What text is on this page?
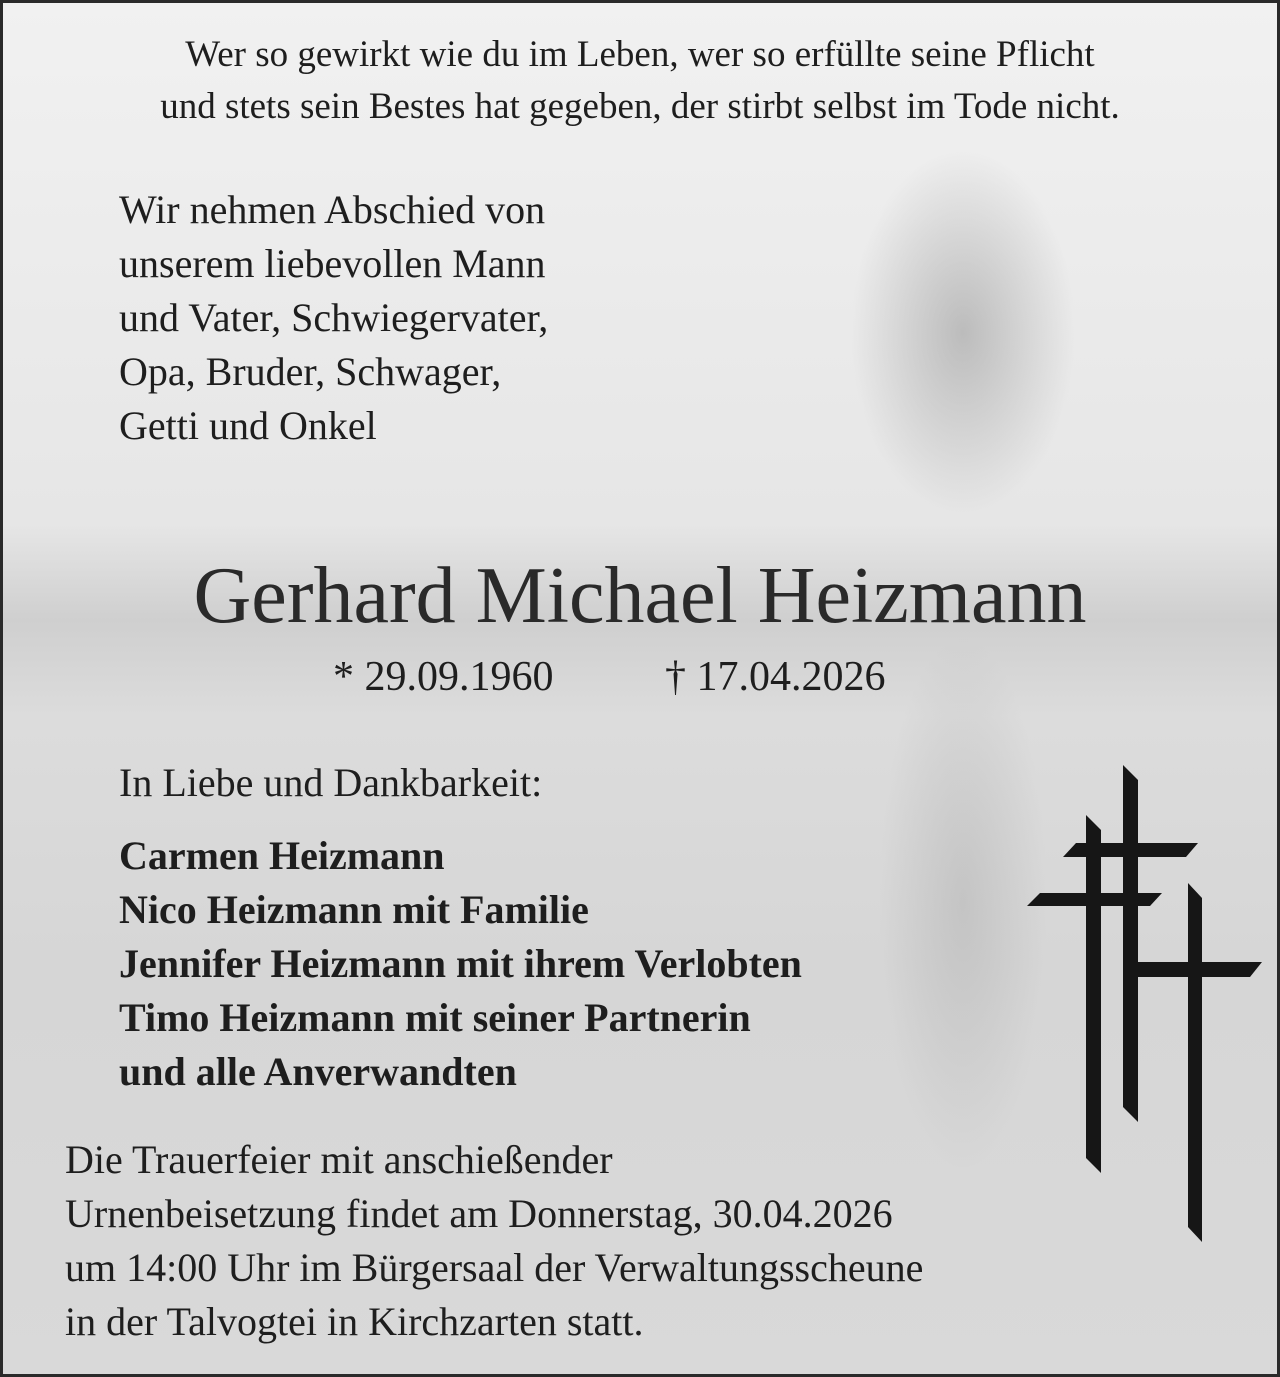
Wer so gewirkt wie du im Leben, wer so erfüllte seine Pflicht
und stets sein Bestes hat gegeben, der stirbt selbst im Tode nicht.
Wir nehmen Abschied von
unserem liebevollen Mann
und Vater, Schwiegervater,
Opa, Bruder, Schwager,
Getti und Onkel
Gerhard Michael Heizmann
* 29.09.1960	† 17.04.2026
In Liebe und Dankbarkeit:
Carmen Heizmann
Nico Heizmann mit Familie
Jennifer Heizmann mit ihrem Verlobten
Timo Heizmann mit seiner Partnerin
und alle Anverwandten
Die Trauerfeier mit anschießender
Urnenbeisetzung findet am Donnerstag, 30.04.2026
um 14:00 Uhr im Bürgersaal der Verwaltungsscheune
in der Talvogtei in Kirchzarten statt.
